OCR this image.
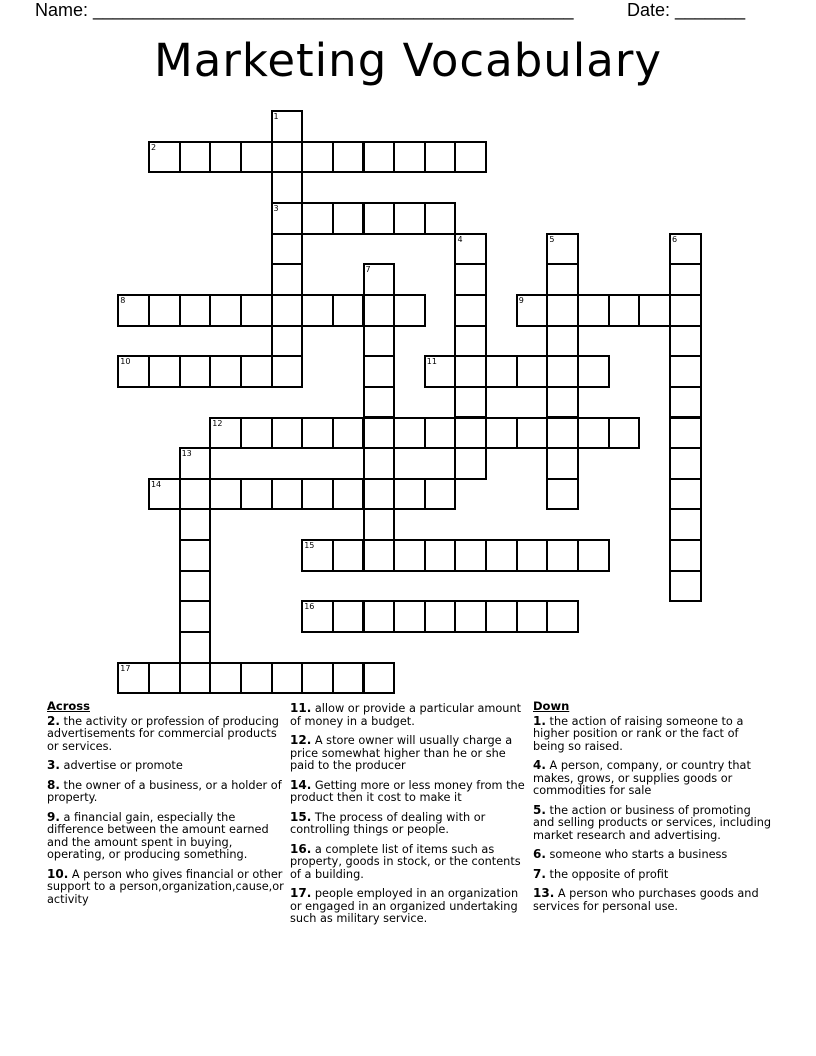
Name: ________________________________________________	Date: _______
Marketing Vocabulary
1
3
2
4	5	6
7
8	9
10	11
12
13
14
15
16
17
Across
2. the activity or profession of producing advertisements for commercial products or services.
3. advertise or promote
8. the owner of a business, or a holder of property.
9. a financial gain, especially the difference between the amount earned and the amount spent in buying, operating, or producing something.
10. A person who gives financial or other support to a person,organization,cause,or activity
11. allow or provide a particular amount of money in a budget.
12. A store owner will usually charge a price somewhat higher than he or she paid to the producer
14. Getting more or less money from the product then it cost to make it
15. The process of dealing with or controlling things or people.
16. a complete list of items such as property, goods in stock, or the contents of a building.
17. people employed in an organization or engaged in an organized undertaking such as military service.
Down
1. the action of raising someone to a higher position or rank or the fact of being so raised.
4. A person, company, or country that makes, grows, or supplies goods or commodities for sale
5. the action or business of promoting and selling products or services, including market research and advertising.
6. someone who starts a business
7. the opposite of profit
13. A person who purchases goods and services for personal use.
